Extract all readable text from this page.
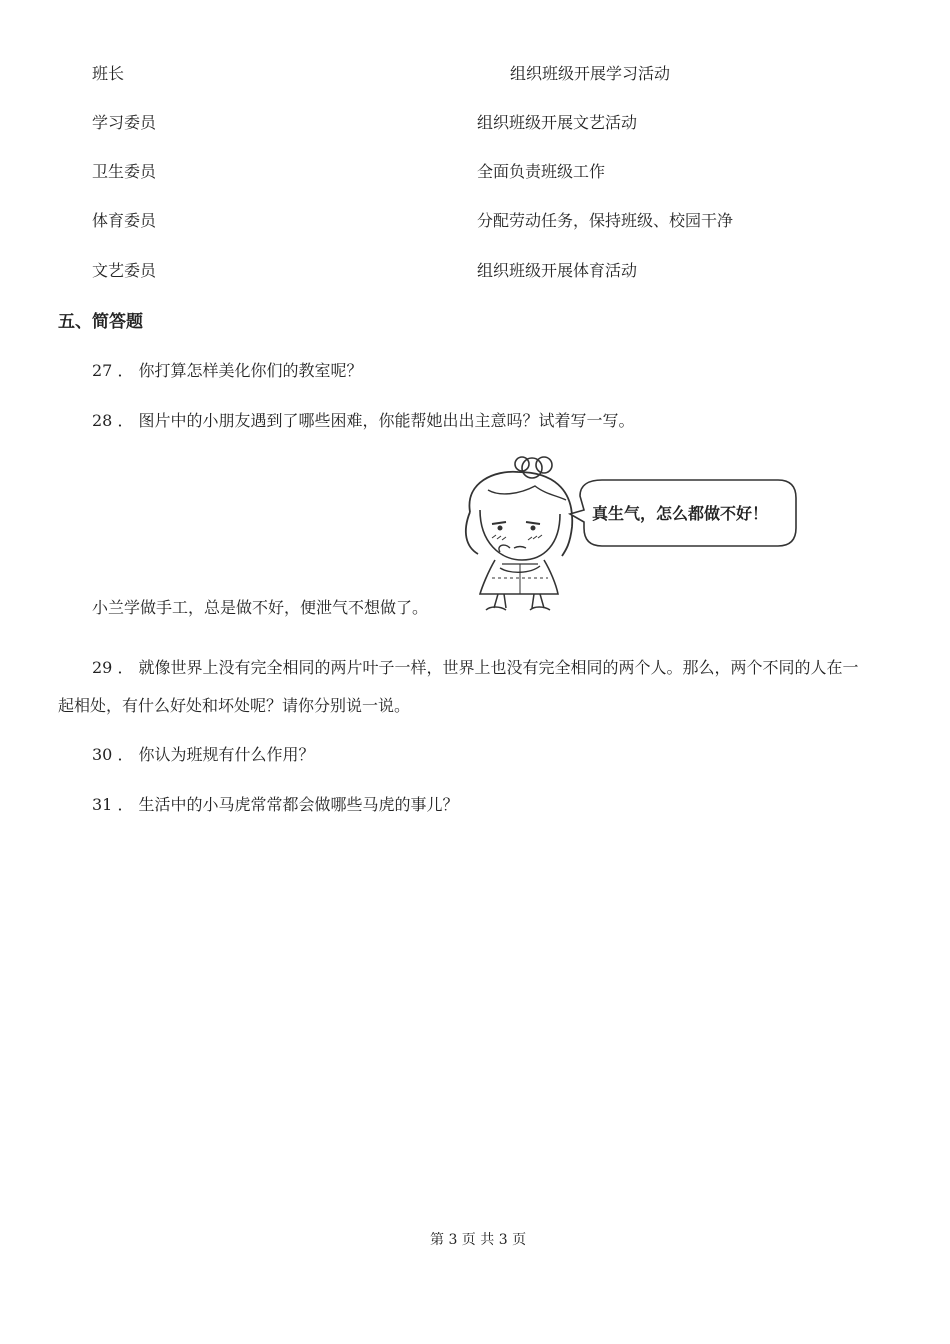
班长	组织班级开展学习活动
学习委员	组织班级开展文艺活动
卫生委员	全面负责班级工作
体育委员	分配劳动任务，保持班级、校园干净
文艺委员	组织班级开展体育活动
五、简答题
27 ． 你打算怎样美化你们的教室呢？
28 ． 图片中的小朋友遇到了哪些困难，你能帮她出出主意吗？试着写一写。
真生气，怎么都做不好！
小兰学做手工，总是做不好，便泄气不想做了。
29 ． 就像世界上没有完全相同的两片叶子一样，世界上也没有完全相同的两个人。那么，两个不同的人在一
起相处，有什么好处和坏处呢？请你分别说一说。
30 ． 你认为班规有什么作用？
31 ． 生活中的小马虎常常都会做哪些马虎的事儿？
第 3 页 共 3 页
